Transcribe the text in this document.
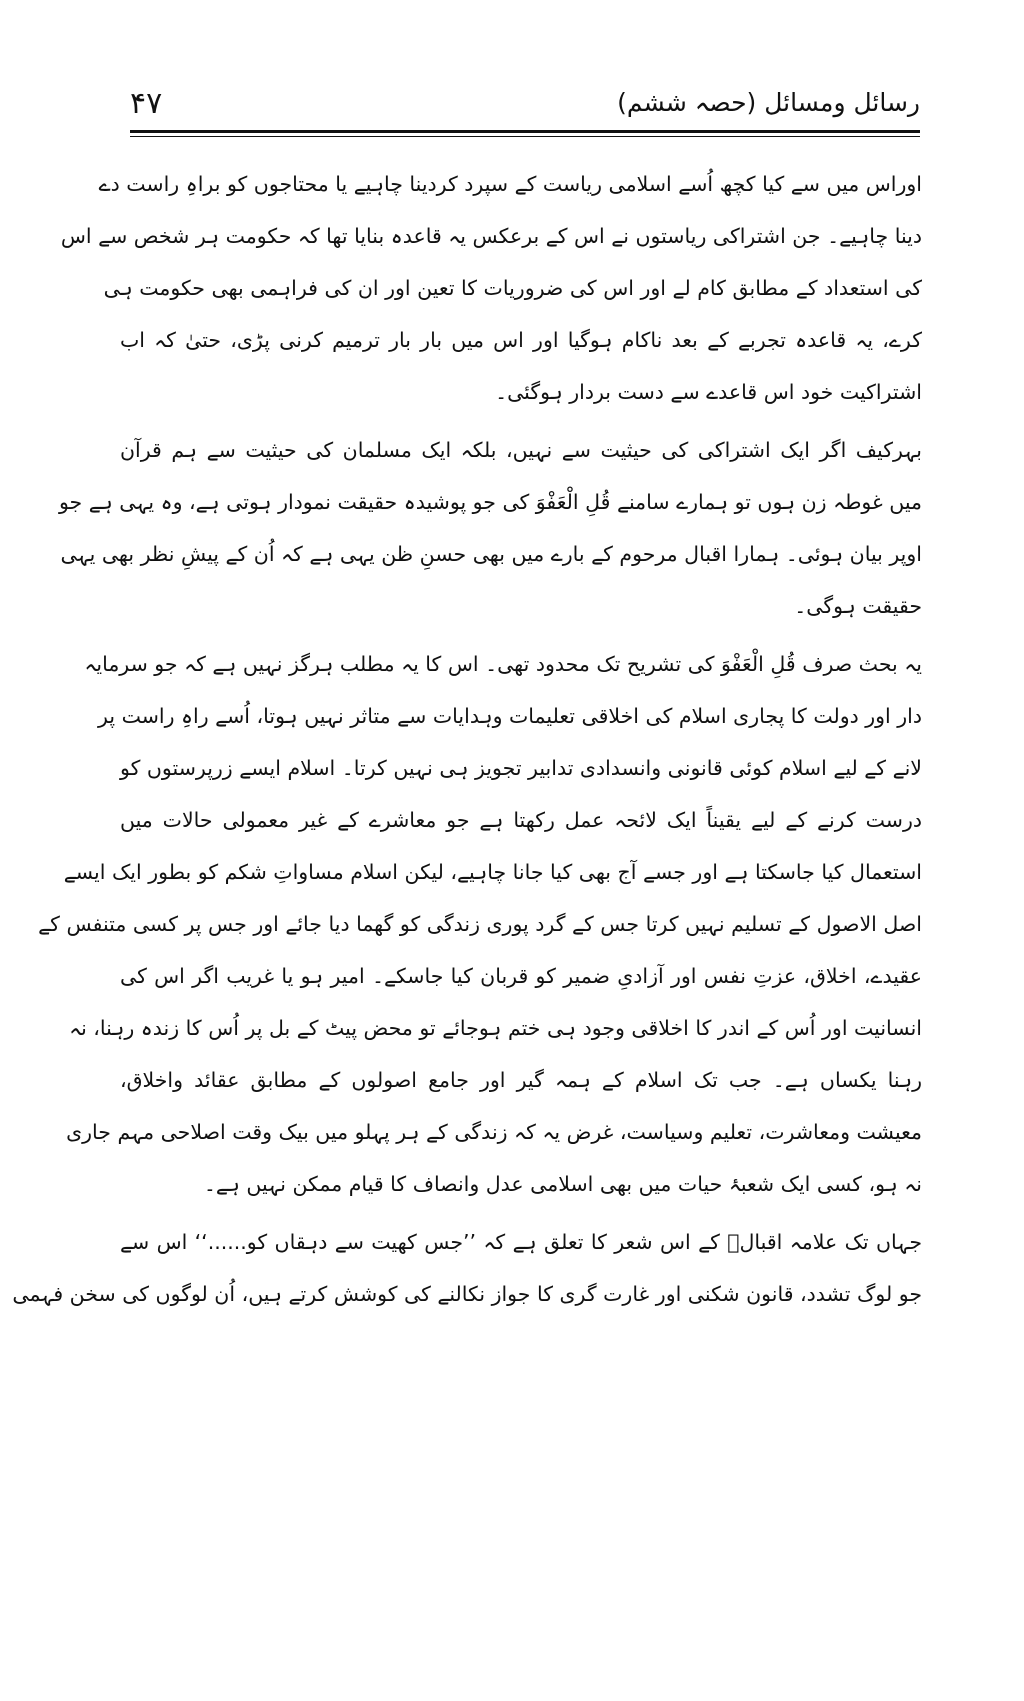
رسائل ومسائل (حصہ ششم)
۴۷
اوراس میں سے کیا کچھ اُسے اسلامی ریاست کے سپرد کردینا چاہیے یا محتاجوں کو براہِ راست دے
دینا چاہیے۔ جن اشتراکی ریاستوں نے اس کے برعکس یہ قاعدہ بنایا تھا کہ حکومت ہر شخص سے اس
کی استعداد کے مطابق کام لے اور اس کی ضروریات کا تعین اور ان کی فراہمی بھی حکومت ہی
کرے، یہ قاعدہ تجربے کے بعد ناکام ہوگیا اور اس میں بار بار ترمیم کرنی پڑی، حتیٰ کہ اب
اشتراکیت خود اس قاعدے سے دست بردار ہوگئی۔
بہرکیف اگر ایک اشتراکی کی حیثیت سے نہیں، بلکہ ایک مسلمان کی حیثیت سے ہم قرآن
میں غوطہ زن ہوں تو ہمارے سامنے قُلِ الْعَفْوَ کی جو پوشیدہ حقیقت نمودار ہوتی ہے، وہ یہی ہے جو
اوپر بیان ہوئی۔ ہمارا اقبال مرحوم کے بارے میں بھی حسنِ ظن یہی ہے کہ اُن کے پیشِ نظر بھی یہی
حقیقت ہوگی۔
یہ بحث صرف قُلِ الْعَفْوَ کی تشریح تک محدود تھی۔ اس کا یہ مطلب ہرگز نہیں ہے کہ جو سرمایہ
دار اور دولت کا پجاری اسلام کی اخلاقی تعلیمات وہدایات سے متاثر نہیں ہوتا، اُسے راہِ راست پر
لانے کے لیے اسلام کوئی قانونی وانسدادی تدابیر تجویز ہی نہیں کرتا۔ اسلام ایسے زرپرستوں کو
درست کرنے کے لیے یقیناً ایک لائحہ عمل رکھتا ہے جو معاشرے کے غیر معمولی حالات میں
استعمال کیا جاسکتا ہے اور جسے آج بھی کیا جانا چاہیے، لیکن اسلام مساواتِ شکم کو بطور ایک ایسے
اصل الاصول کے تسلیم نہیں کرتا جس کے گرد پوری زندگی کو گھما دیا جائے اور جس پر کسی متنفس کے
عقیدے، اخلاق، عزتِ نفس اور آزادیِ ضمیر کو قربان کیا جاسکے۔ امیر ہو یا غریب اگر اس کی
انسانیت اور اُس کے اندر کا اخلاقی وجود ہی ختم ہوجائے تو محض پیٹ کے بل پر اُس کا زندہ رہنا، نہ
رہنا یکساں ہے۔ جب تک اسلام کے ہمہ گیر اور جامع اصولوں کے مطابق عقائد واخلاق،
معیشت ومعاشرت، تعلیم وسیاست، غرض یہ کہ زندگی کے ہر پہلو میں بیک وقت اصلاحی مہم جاری
نہ ہو، کسی ایک شعبۂ حیات میں بھی اسلامی عدل وانصاف کا قیام ممکن نہیں ہے۔
جہاں تک علامہ اقبالؒ کے اس شعر کا تعلق ہے کہ ’’جس کھیت سے دہقاں کو......‘‘ اس سے
جو لوگ تشدد، قانون شکنی اور غارت گری کا جواز نکالنے کی کوشش کرتے ہیں، اُن لوگوں کی سخن فہمی
